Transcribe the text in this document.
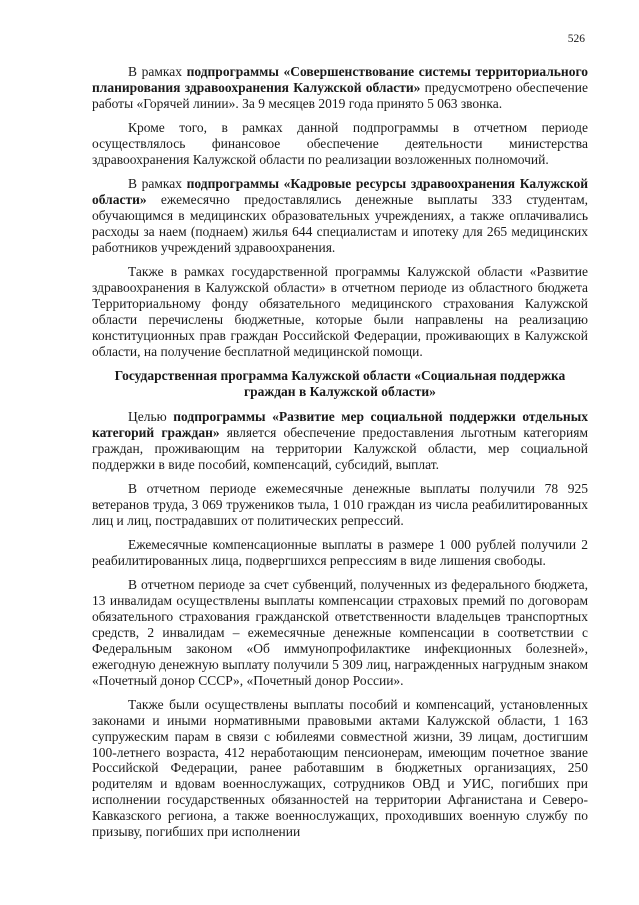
526

В рамках подпрограммы «Совершенствование системы территориального планирования здравоохранения Калужской области» предусмотрено обеспечение работы «Горячей линии». За 9 месяцев 2019 года принято 5 063 звонка.

Кроме того, в рамках данной подпрограммы в отчетном периоде осуществлялось финансовое обеспечение деятельности министерства здравоохранения Калужской области по реализации возложенных полномочий.

В рамках подпрограммы «Кадровые ресурсы здравоохранения Калужской области» ежемесячно предоставлялись денежные выплаты 333 студентам, обучающимся в медицинских образовательных учреждениях, а также оплачивались расходы за наем (поднаем) жилья 644 специалистам и ипотеку для 265 медицинских работников учреждений здравоохранения.

Также в рамках государственной программы Калужской области «Развитие здравоохранения в Калужской области» в отчетном периоде из областного бюджета Территориальному фонду обязательного медицинского страхования Калужской области перечислены бюджетные, которые были направлены на реализацию конституционных прав граждан Российской Федерации, проживающих в Калужской области, на получение бесплатной медицинской помощи.

Государственная программа Калужской области «Социальная поддержка граждан в Калужской области»

Целью подпрограммы «Развитие мер социальной поддержки отдельных категорий граждан» является обеспечение предоставления льготным категориям граждан, проживающим на территории Калужской области, мер социальной поддержки в виде пособий, компенсаций, субсидий, выплат.

В отчетном периоде ежемесячные денежные выплаты получили 78 925 ветеранов труда, 3 069 тружеников тыла, 1 010 граждан из числа реабилитированных лиц и лиц, пострадавших от политических репрессий.

Ежемесячные компенсационные выплаты в размере 1 000 рублей получили 2 реабилитированных лица, подвергшихся репрессиям в виде лишения свободы.

В отчетном периоде за счет субвенций, полученных из федерального бюджета, 13 инвалидам осуществлены выплаты компенсации страховых премий по договорам обязательного страхования гражданской ответственности владельцев транспортных средств, 2 инвалидам – ежемесячные денежные компенсации в соответствии с Федеральным законом «Об иммунопрофилактике инфекционных болезней», ежегодную денежную выплату получили 5 309 лиц, награжденных нагрудным знаком «Почетный донор СССР», «Почетный донор России».

Также были осуществлены выплаты пособий и компенсаций, установленных законами и иными нормативными правовыми актами Калужской области, 1 163 супружеским парам в связи с юбилеями совместной жизни, 39 лицам, достигшим 100-летнего возраста, 412 неработающим пенсионерам, имеющим почетное звание Российской Федерации, ранее работавшим в бюджетных организациях, 250 родителям и вдовам военнослужащих, сотрудников ОВД и УИС, погибших при исполнении государственных обязанностей на территории Афганистана и Северо-Кавказского региона, а также военнослужащих, проходивших военную службу по призыву, погибших при исполнении
